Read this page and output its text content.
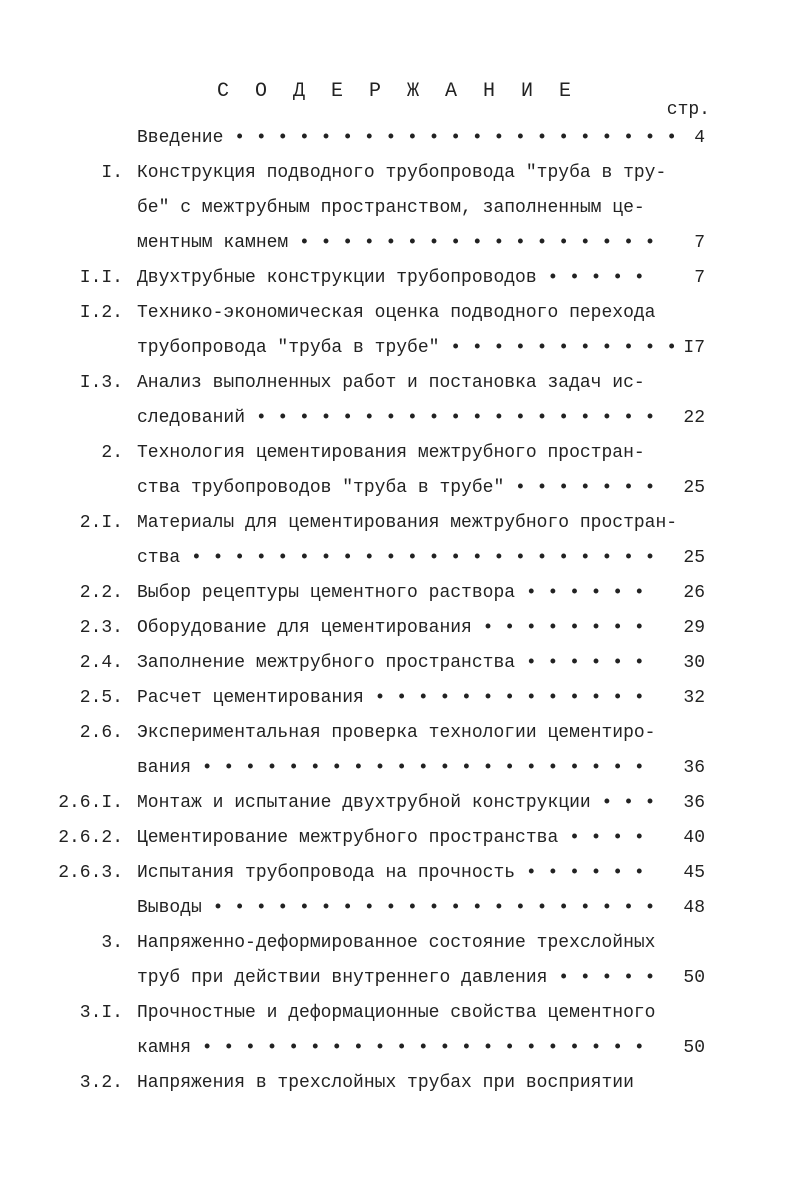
С О Д Е Р Ж А Н И Е
стр.
Введение • • • • • • • • • • • • • • • • • • • • • 4
I. Конструкция подводного трубопровода "труба в тру-
бе" с межтрубным пространством, заполненным це-
ментным камнем • • • • • • • • • • • • • • • • • 7
I.I. Двухтрубные конструкции трубопроводов • • • • •	7
I.2. Технико-экономическая оценка подводного перехода
трубопровода "труба в трубе" • • • • • • • • • • • I7
I.3. Анализ выполненных работ и постановка задач ис-
следований • • • • • • • • • • • • • • • • • • • 22
2. Технология цементирования межтрубного простран-
ства трубопроводов "труба в трубе" • • • • • • • 25
2.I. Материалы для цементирования межтрубного простран-
ства • • • • • • • • • • • • • • • • • • • • • • 25
2.2. Выбор рецептуры цементного раствора • • • • • • 26
2.3. Оборудование для цементирования • • • • • • • • 29
2.4. Заполнение межтрубного пространства • • • • • • 30
2.5. Расчет цементирования • • • • • • • • • • • • • 32
2.6. Экспериментальная проверка технологии цементиро-
вания • • • • • • • • • • • • • • • • • • • • • 36
2.6.I. Монтаж и испытание двухтрубной конструкции • • • 36
2.6.2. Цементирование межтрубного пространства • • • • 40
2.6.3. Испытания трубопровода на прочность • • • • • • 45
Выводы • • • • • • • • • • • • • • • • • • • • • 48
3. Напряженно-деформированное состояние трехслойных
труб при действии внутреннего давления • • • • • 50
3.I. Прочностные и деформационные свойства цементного
камня • • • • • • • • • • • • • • • • • • • • • 50
3.2. Напряжения в трехслойных трубах при восприятии
